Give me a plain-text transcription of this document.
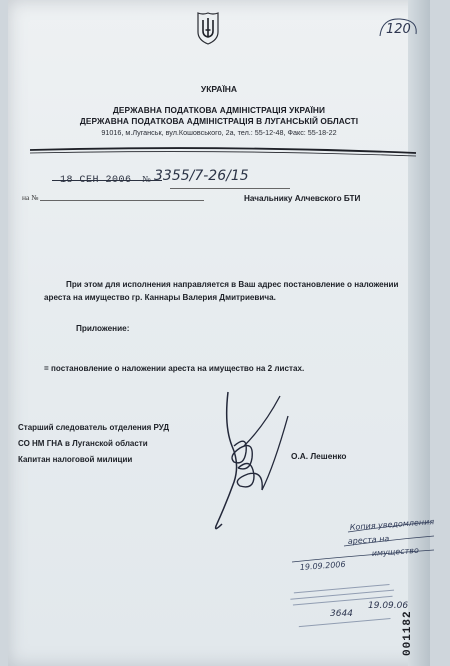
120
УКРАЇНА
ДЕРЖАВНА ПОДАТКОВА АДМІНІСТРАЦІЯ УКРАЇНИ
ДЕРЖАВНА ПОДАТКОВА АДМІНІСТРАЦІЯ В ЛУГАНСЬКІЙ ОБЛАСТІ
91016, м.Луганськ, вул.Кошовського, 2а, тел.: 55-12-48, Факс: 55-18-22
№ 3355/7-26/15
на №	Начальнику Алчевского БТИ
При этом для исполнения направляется в Ваш адрес постановление о наложении ареста на имущество гр. Каннары Валерия Дмитриевича.
Приложение:
= постановление о наложении ареста на имущество на 2 листах.
Старший следователь отделения РУД
СО НМ ГНА в Луганской области
Капитан налоговой милиции	О.А. Лешенко
Копия уведомления
ареста на
имущество
19.09.2006
3644
19.09.06
001182
